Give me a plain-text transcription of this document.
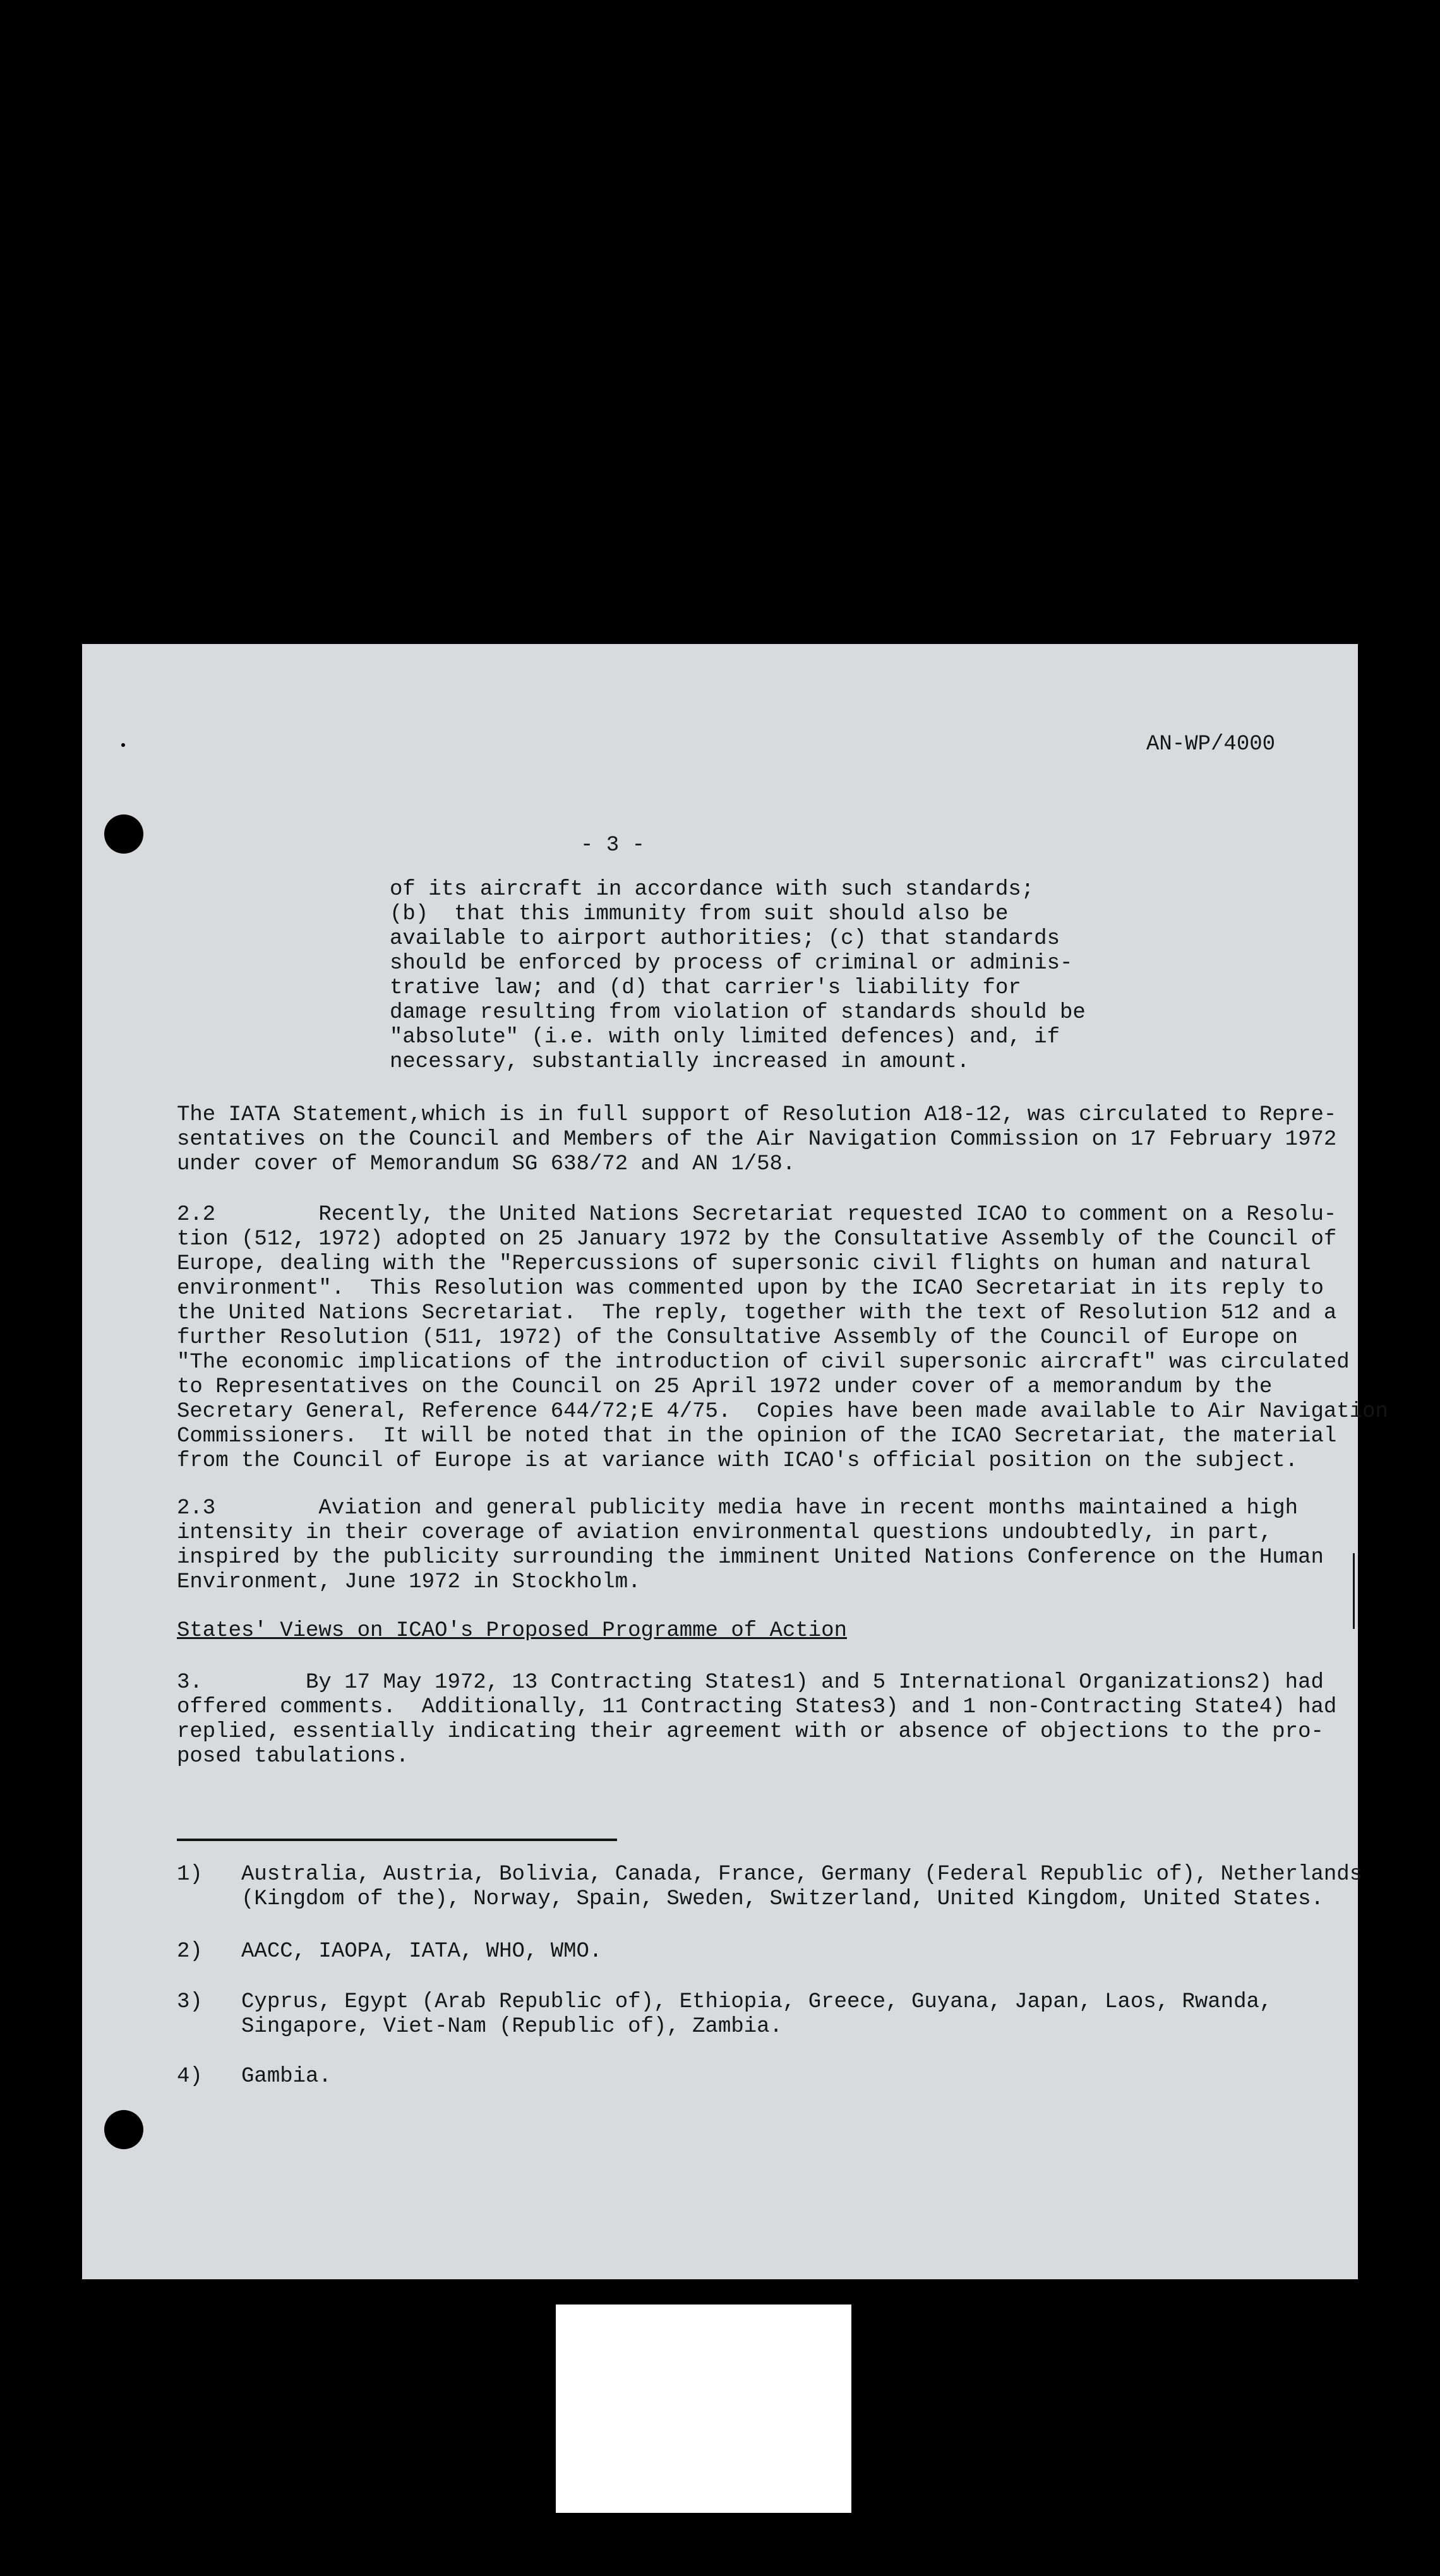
AN-WP/4000
- 3 -
of its aircraft in accordance with such standards;
(b)  that this immunity from suit should also be
available to airport authorities; (c) that standards
should be enforced by process of criminal or adminis-
trative law; and (d) that carrier's liability for
damage resulting from violation of standards should be
"absolute" (i.e. with only limited defences) and, if
necessary, substantially increased in amount.
The IATA Statement,which is in full support of Resolution A18-12, was circulated to Repre-
sentatives on the Council and Members of the Air Navigation Commission on 17 February 1972
under cover of Memorandum SG 638/72 and AN 1/58.
2.2        Recently, the United Nations Secretariat requested ICAO to comment on a Resolu-
tion (512, 1972) adopted on 25 January 1972 by the Consultative Assembly of the Council of
Europe, dealing with the "Repercussions of supersonic civil flights on human and natural
environment".  This Resolution was commented upon by the ICAO Secretariat in its reply to
the United Nations Secretariat.  The reply, together with the text of Resolution 512 and a
further Resolution (511, 1972) of the Consultative Assembly of the Council of Europe on
"The economic implications of the introduction of civil supersonic aircraft" was circulated
to Representatives on the Council on 25 April 1972 under cover of a memorandum by the
Secretary General, Reference 644/72;E 4/75.  Copies have been made available to Air Navigation
Commissioners.  It will be noted that in the opinion of the ICAO Secretariat, the material
from the Council of Europe is at variance with ICAO's official position on the subject.
2.3        Aviation and general publicity media have in recent months maintained a high
intensity in their coverage of aviation environmental questions undoubtedly, in part,
inspired by the publicity surrounding the imminent United Nations Conference on the Human
Environment, June 1972 in Stockholm.
States' Views on ICAO's Proposed Programme of Action
3.        By 17 May 1972, 13 Contracting States1) and 5 International Organizations2) had
offered comments.  Additionally, 11 Contracting States3) and 1 non-Contracting State4) had
replied, essentially indicating their agreement with or absence of objections to the pro-
posed tabulations.
1)   Australia, Austria, Bolivia, Canada, France, Germany (Federal Republic of), Netherlands
(Kingdom of the), Norway, Spain, Sweden, Switzerland, United Kingdom, United States.
2)   AACC, IAOPA, IATA, WHO, WMO.
3)   Cyprus, Egypt (Arab Republic of), Ethiopia, Greece, Guyana, Japan, Laos, Rwanda,
Singapore, Viet-Nam (Republic of), Zambia.
4)   Gambia.
